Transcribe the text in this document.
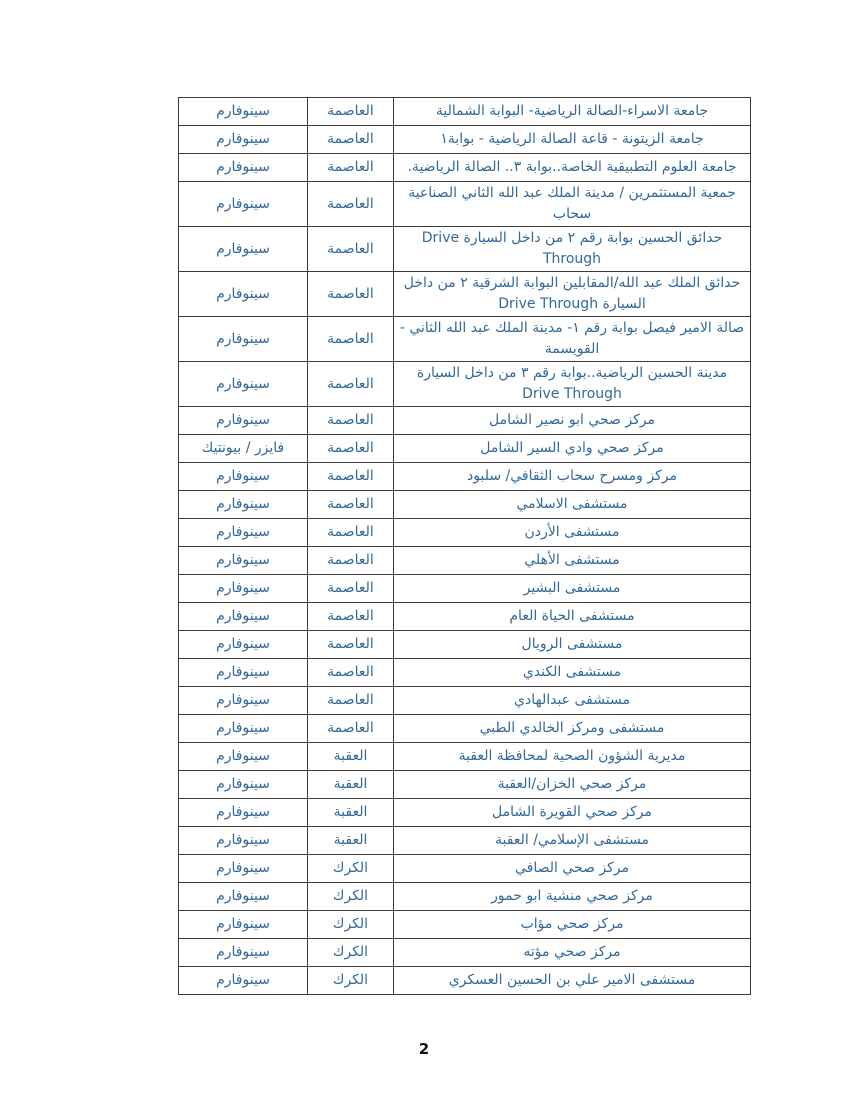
جامعة الاسراء-الصالة الرياضية- البوابة الشمالية	العاصمة	سينوفارم
جامعة الزيتونة - قاعة الصالة الرياضية - بوابة١	العاصمة	سينوفارم
جامعة العلوم التطبيقية الخاصة..بوابة ٣.. الصالة الرياضية.	العاصمة	سينوفارم
جمعية المستثمرين / مدينة الملك عبد الله الثاني الصناعية سحاب	العاصمة	سينوفارم
حدائق الحسين بوابة رقم ٢ من داخل السيارة Drive Through	العاصمة	سينوفارم
حدائق الملك عبد الله/المقابلين البوابة الشرقية ٢ من داخل السيارة Drive Through	العاصمة	سينوفارم
صالة الامير فيصل بوابة رقم ١- مدينة الملك عبد الله الثاني - القويسمة	العاصمة	سينوفارم
مدينة الحسين الرياضية..بوابة رقم ٣ من داخل السيارة Drive Through	العاصمة	سينوفارم
مركز صحي ابو نصير الشامل	العاصمة	سينوفارم
مركز صحي وادي السير الشامل	العاصمة	فايزر / بيونتيك
مركز ومسرح سحاب الثقافي/ سلبود	العاصمة	سينوفارم
مستشفى الاسلامي	العاصمة	سينوفارم
مستشفى الأردن	العاصمة	سينوفارم
مستشفى الأهلي	العاصمة	سينوفارم
مستشفى البشير	العاصمة	سينوفارم
مستشفى الحياة العام	العاصمة	سينوفارم
مستشفى الرويال	العاصمة	سينوفارم
مستشفى الكندي	العاصمة	سينوفارم
مستشفى عبدالهادي	العاصمة	سينوفارم
مستشفى ومركز الخالدي الطبي	العاصمة	سينوفارم
مديرية الشؤون الصحية لمحافظة العقبة	العقبة	سينوفارم
مركز صحي الخزان/العقبة	العقبة	سينوفارم
مركز صحي القويرة الشامل	العقبة	سينوفارم
مستشفى الإسلامي/ العقبة	العقبة	سينوفارم
مركز صحي الصافي	الكرك	سينوفارم
مركز صحي منشية ابو حمور	الكرك	سينوفارم
مركز صحي مؤاب	الكرك	سينوفارم
مركز صحي مؤته	الكرك	سينوفارم
مستشفى الامير علي بن الحسين العسكري	الكرك	سينوفارم
2
